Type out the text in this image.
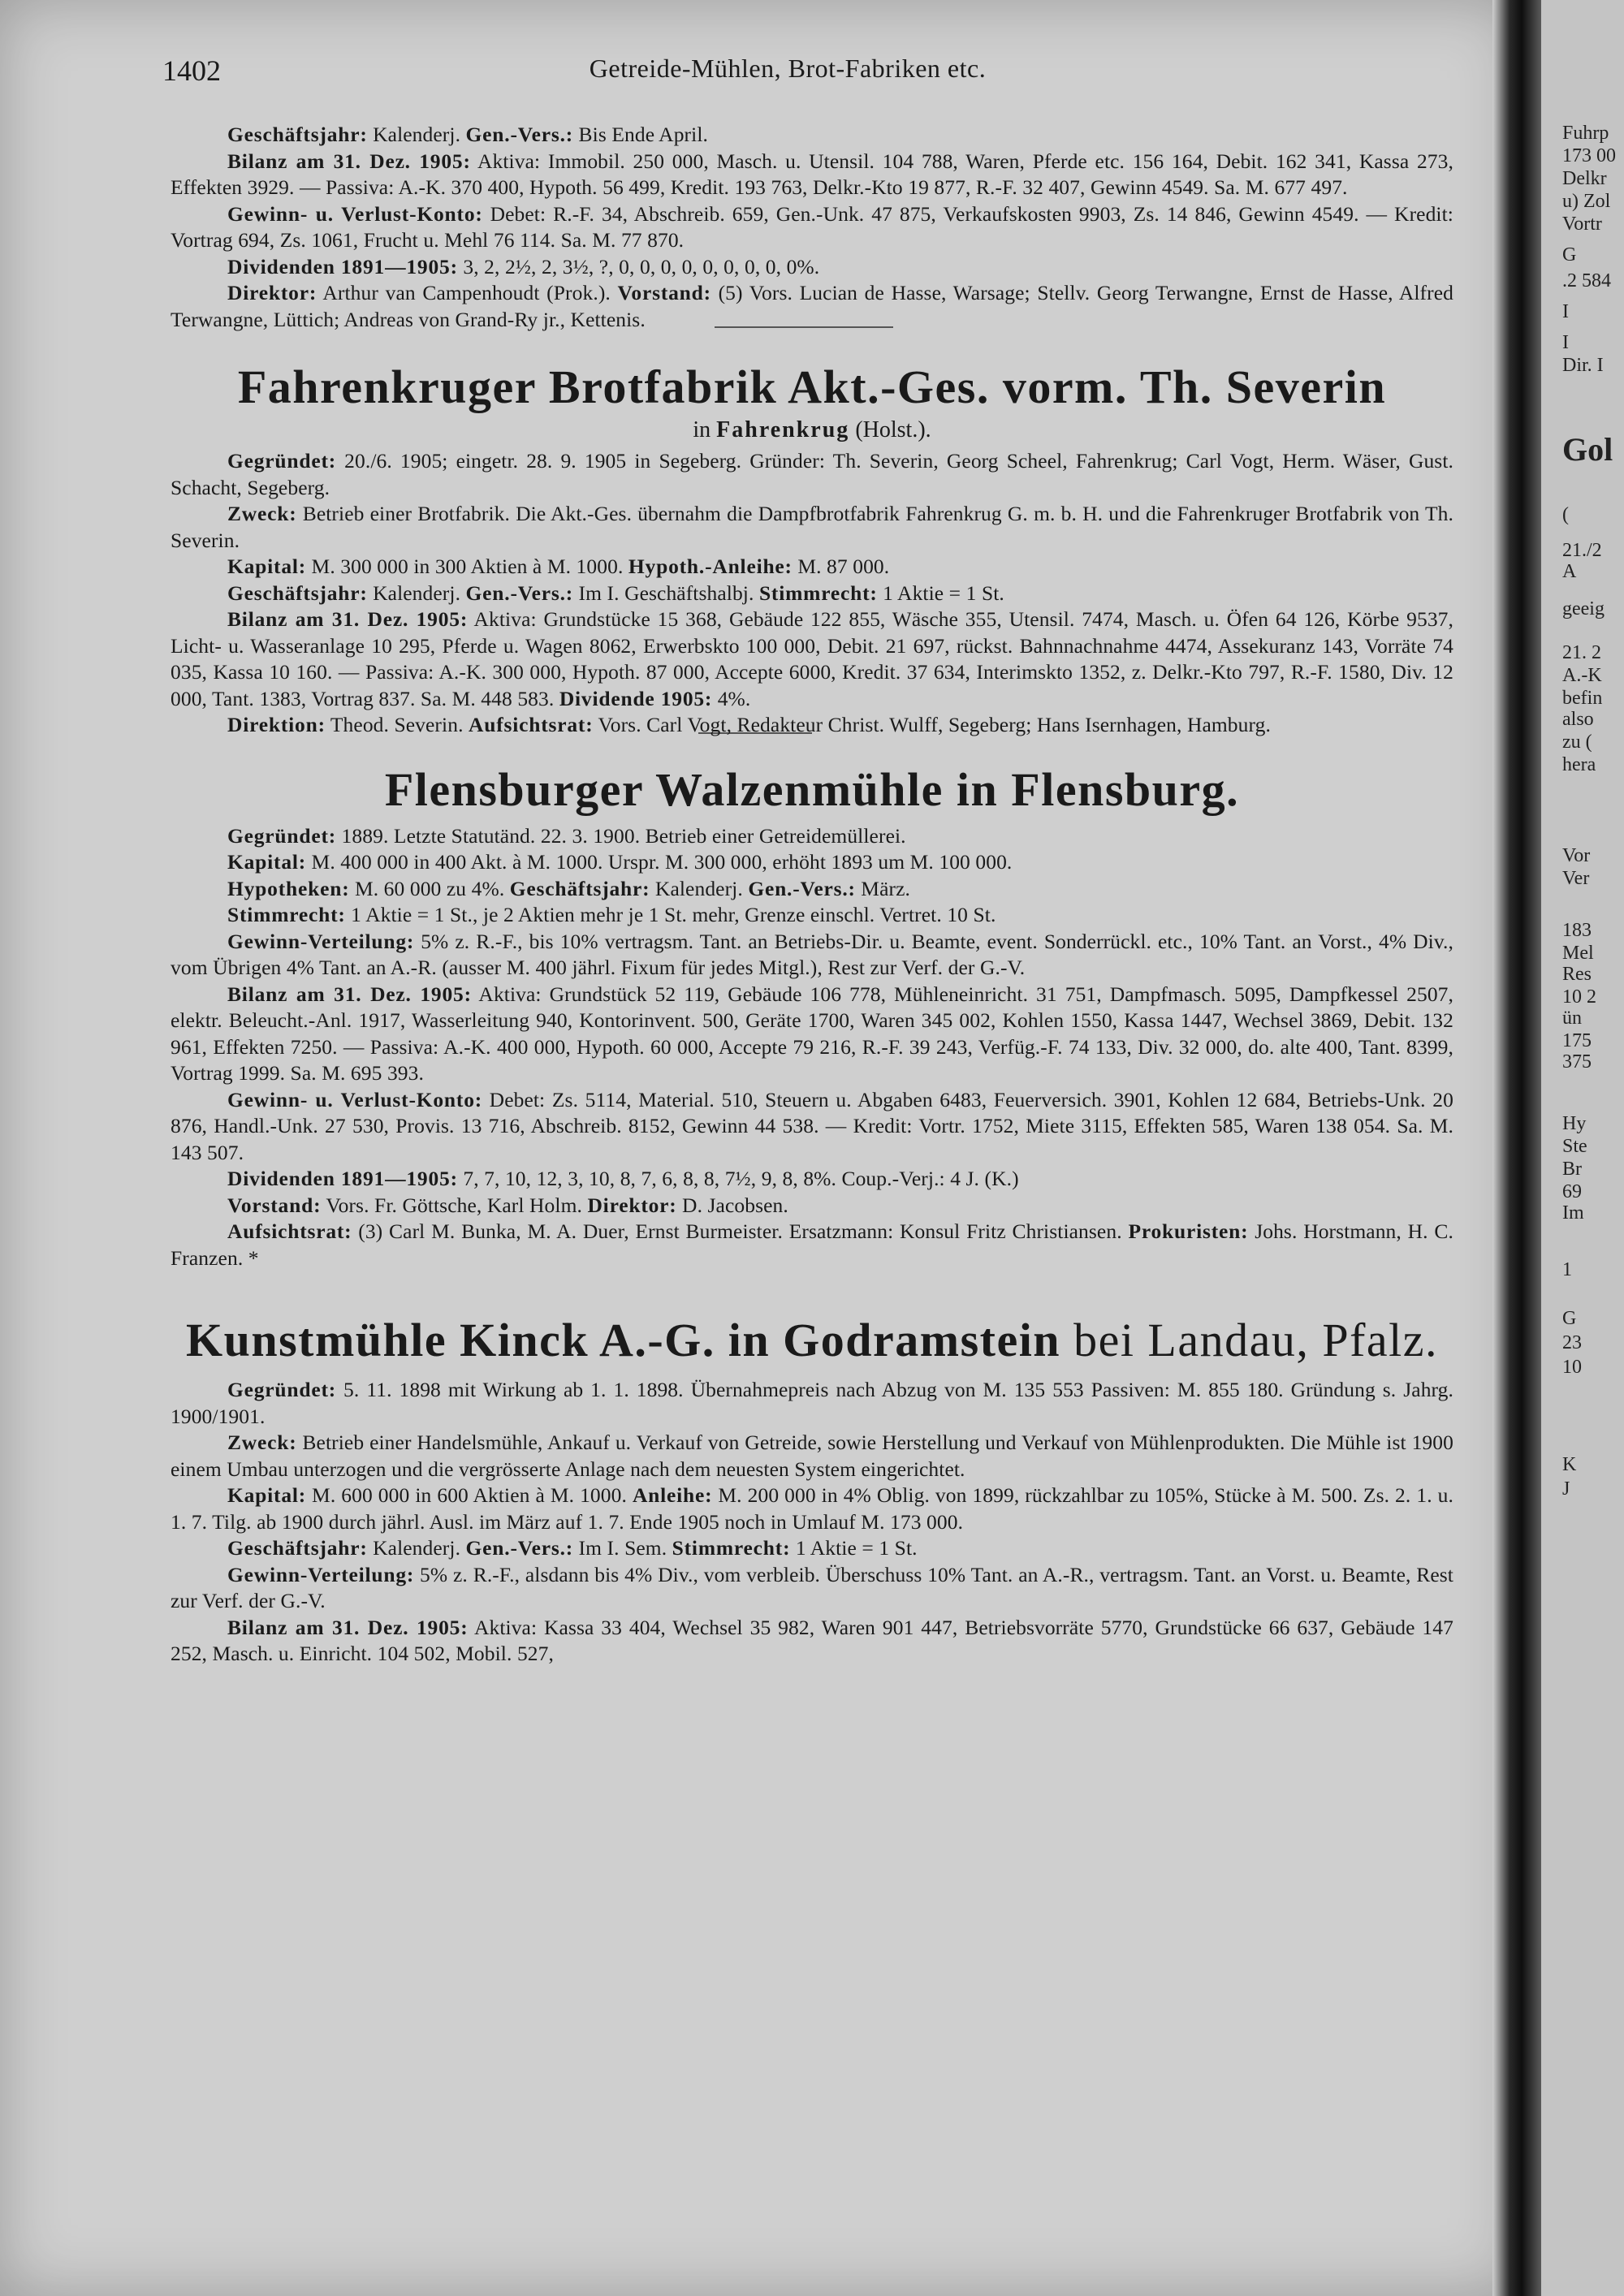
Fuhrp
173 00
Delkr
u) Zol
Vortr
G
.2 584
I
I
Dir. I
Gol
(
21./2
A
geeig
21. 2
A.-K
befin
also
zu (
hera
Vor
Ver
183
Mel
Res
10 2
ün
175
375
Hy
Ste
Br
69
Im
1
G
23
10
K
J
1402	Getreide-Mühlen, Brot-Fabriken etc.

Geschäftsjahr: Kalenderj. Gen.-Vers.: Bis Ende April.

Bilanz am 31. Dez. 1905: Aktiva: Immobil. 250 000, Masch. u. Utensil. 104 788, Waren, Pferde etc. 156 164, Debit. 162 341, Kassa 273, Effekten 3929. — Passiva: A.-K. 370 400, Hypoth. 56 499, Kredit. 193 763, Delkr.-Kto 19 877, R.-F. 32 407, Gewinn 4549. Sa. M. 677 497.

Gewinn- u. Verlust-Konto: Debet: R.-F. 34, Abschreib. 659, Gen.-Unk. 47 875, Verkaufskosten 9903, Zs. 14 846, Gewinn 4549. — Kredit: Vortrag 694, Zs. 1061, Frucht u. Mehl 76 114. Sa. M. 77 870.

Dividenden 1891—1905: 3, 2, 2½, 2, 3½, ?, 0, 0, 0, 0, 0, 0, 0, 0, 0%.

Direktor: Arthur van Campenhoudt (Prok.). Vorstand: (5) Vors. Lucian de Hasse, Warsage; Stellv. Georg Terwangne, Ernst de Hasse, Alfred Terwangne, Lüttich; Andreas von Grand-Ry jr., Kettenis.

Fahrenkruger Brotfabrik Akt.-Ges. vorm. Th. Severin
in Fahrenkrug (Holst.).

Gegründet: 20./6. 1905; eingetr. 28. 9. 1905 in Segeberg. Gründer: Th. Severin, Georg Scheel, Fahrenkrug; Carl Vogt, Herm. Wäser, Gust. Schacht, Segeberg.

Zweck: Betrieb einer Brotfabrik. Die Akt.-Ges. übernahm die Dampfbrotfabrik Fahrenkrug G. m. b. H. und die Fahrenkruger Brotfabrik von Th. Severin.

Kapital: M. 300 000 in 300 Aktien à M. 1000. Hypoth.-Anleihe: M. 87 000.

Geschäftsjahr: Kalenderj. Gen.-Vers.: Im I. Geschäftshalbj. Stimmrecht: 1 Aktie = 1 St.

Bilanz am 31. Dez. 1905: Aktiva: Grundstücke 15 368, Gebäude 122 855, Wäsche 355, Utensil. 7474, Masch. u. Öfen 64 126, Körbe 9537, Licht- u. Wasseranlage 10 295, Pferde u. Wagen 8062, Erwerbskto 100 000, Debit. 21 697, rückst. Bahnnachnahme 4474, Assekuranz 143, Vorräte 74 035, Kassa 10 160. — Passiva: A.-K. 300 000, Hypoth. 87 000, Accepte 6000, Kredit. 37 634, Interimskto 1352, z. Delkr.-Kto 797, R.-F. 1580, Div. 12 000, Tant. 1383, Vortrag 837. Sa. M. 448 583. Dividende 1905: 4%.

Direktion: Theod. Severin. Aufsichtsrat: Vors. Carl Vogt, Redakteur Christ. Wulff, Segeberg; Hans Isernhagen, Hamburg.

Flensburger Walzenmühle in Flensburg.

Gegründet: 1889. Letzte Statutänd. 22. 3. 1900. Betrieb einer Getreidemüllerei.

Kapital: M. 400 000 in 400 Akt. à M. 1000. Urspr. M. 300 000, erhöht 1893 um M. 100 000.

Hypotheken: M. 60 000 zu 4%. Geschäftsjahr: Kalenderj. Gen.-Vers.: März.

Stimmrecht: 1 Aktie = 1 St., je 2 Aktien mehr je 1 St. mehr, Grenze einschl. Vertret. 10 St.

Gewinn-Verteilung: 5% z. R.-F., bis 10% vertragsm. Tant. an Betriebs-Dir. u. Beamte, event. Sonderrückl. etc., 10% Tant. an Vorst., 4% Div., vom Übrigen 4% Tant. an A.-R. (ausser M. 400 jährl. Fixum für jedes Mitgl.), Rest zur Verf. der G.-V.

Bilanz am 31. Dez. 1905: Aktiva: Grundstück 52 119, Gebäude 106 778, Mühleneinricht. 31 751, Dampfmasch. 5095, Dampfkessel 2507, elektr. Beleucht.-Anl. 1917, Wasserleitung 940, Kontorinvent. 500, Geräte 1700, Waren 345 002, Kohlen 1550, Kassa 1447, Wechsel 3869, Debit. 132 961, Effekten 7250. — Passiva: A.-K. 400 000, Hypoth. 60 000, Accepte 79 216, R.-F. 39 243, Verfüg.-F. 74 133, Div. 32 000, do. alte 400, Tant. 8399, Vortrag 1999. Sa. M. 695 393.

Gewinn- u. Verlust-Konto: Debet: Zs. 5114, Material. 510, Steuern u. Abgaben 6483, Feuerversich. 3901, Kohlen 12 684, Betriebs-Unk. 20 876, Handl.-Unk. 27 530, Provis. 13 716, Abschreib. 8152, Gewinn 44 538. — Kredit: Vortr. 1752, Miete 3115, Effekten 585, Waren 138 054. Sa. M. 143 507.

Dividenden 1891—1905: 7, 7, 10, 12, 3, 10, 8, 7, 6, 8, 8, 7½, 9, 8, 8%. Coup.-Verj.: 4 J. (K.)

Vorstand: Vors. Fr. Göttsche, Karl Holm. Direktor: D. Jacobsen.

Aufsichtsrat: (3) Carl M. Bunka, M. A. Duer, Ernst Burmeister. Ersatzmann: Konsul Fritz Christiansen. Prokuristen: Johs. Horstmann, H. C. Franzen. *

Kunstmühle Kinck A.-G. in Godramstein bei Landau, Pfalz.

Gegründet: 5. 11. 1898 mit Wirkung ab 1. 1. 1898. Übernahmepreis nach Abzug von M. 135 553 Passiven: M. 855 180. Gründung s. Jahrg. 1900/1901.

Zweck: Betrieb einer Handelsmühle, Ankauf u. Verkauf von Getreide, sowie Herstellung und Verkauf von Mühlenprodukten. Die Mühle ist 1900 einem Umbau unterzogen und die vergrösserte Anlage nach dem neuesten System eingerichtet.

Kapital: M. 600 000 in 600 Aktien à M. 1000. Anleihe: M. 200 000 in 4% Oblig. von 1899, rückzahlbar zu 105%, Stücke à M. 500. Zs. 2. 1. u. 1. 7. Tilg. ab 1900 durch jährl. Ausl. im März auf 1. 7. Ende 1905 noch in Umlauf M. 173 000.

Geschäftsjahr: Kalenderj. Gen.-Vers.: Im I. Sem. Stimmrecht: 1 Aktie = 1 St.

Gewinn-Verteilung: 5% z. R.-F., alsdann bis 4% Div., vom verbleib. Überschuss 10% Tant. an A.-R., vertragsm. Tant. an Vorst. u. Beamte, Rest zur Verf. der G.-V.

Bilanz am 31. Dez. 1905: Aktiva: Kassa 33 404, Wechsel 35 982, Waren 901 447, Betriebsvorräte 5770, Grundstücke 66 637, Gebäude 147 252, Masch. u. Einricht. 104 502, Mobil. 527,
